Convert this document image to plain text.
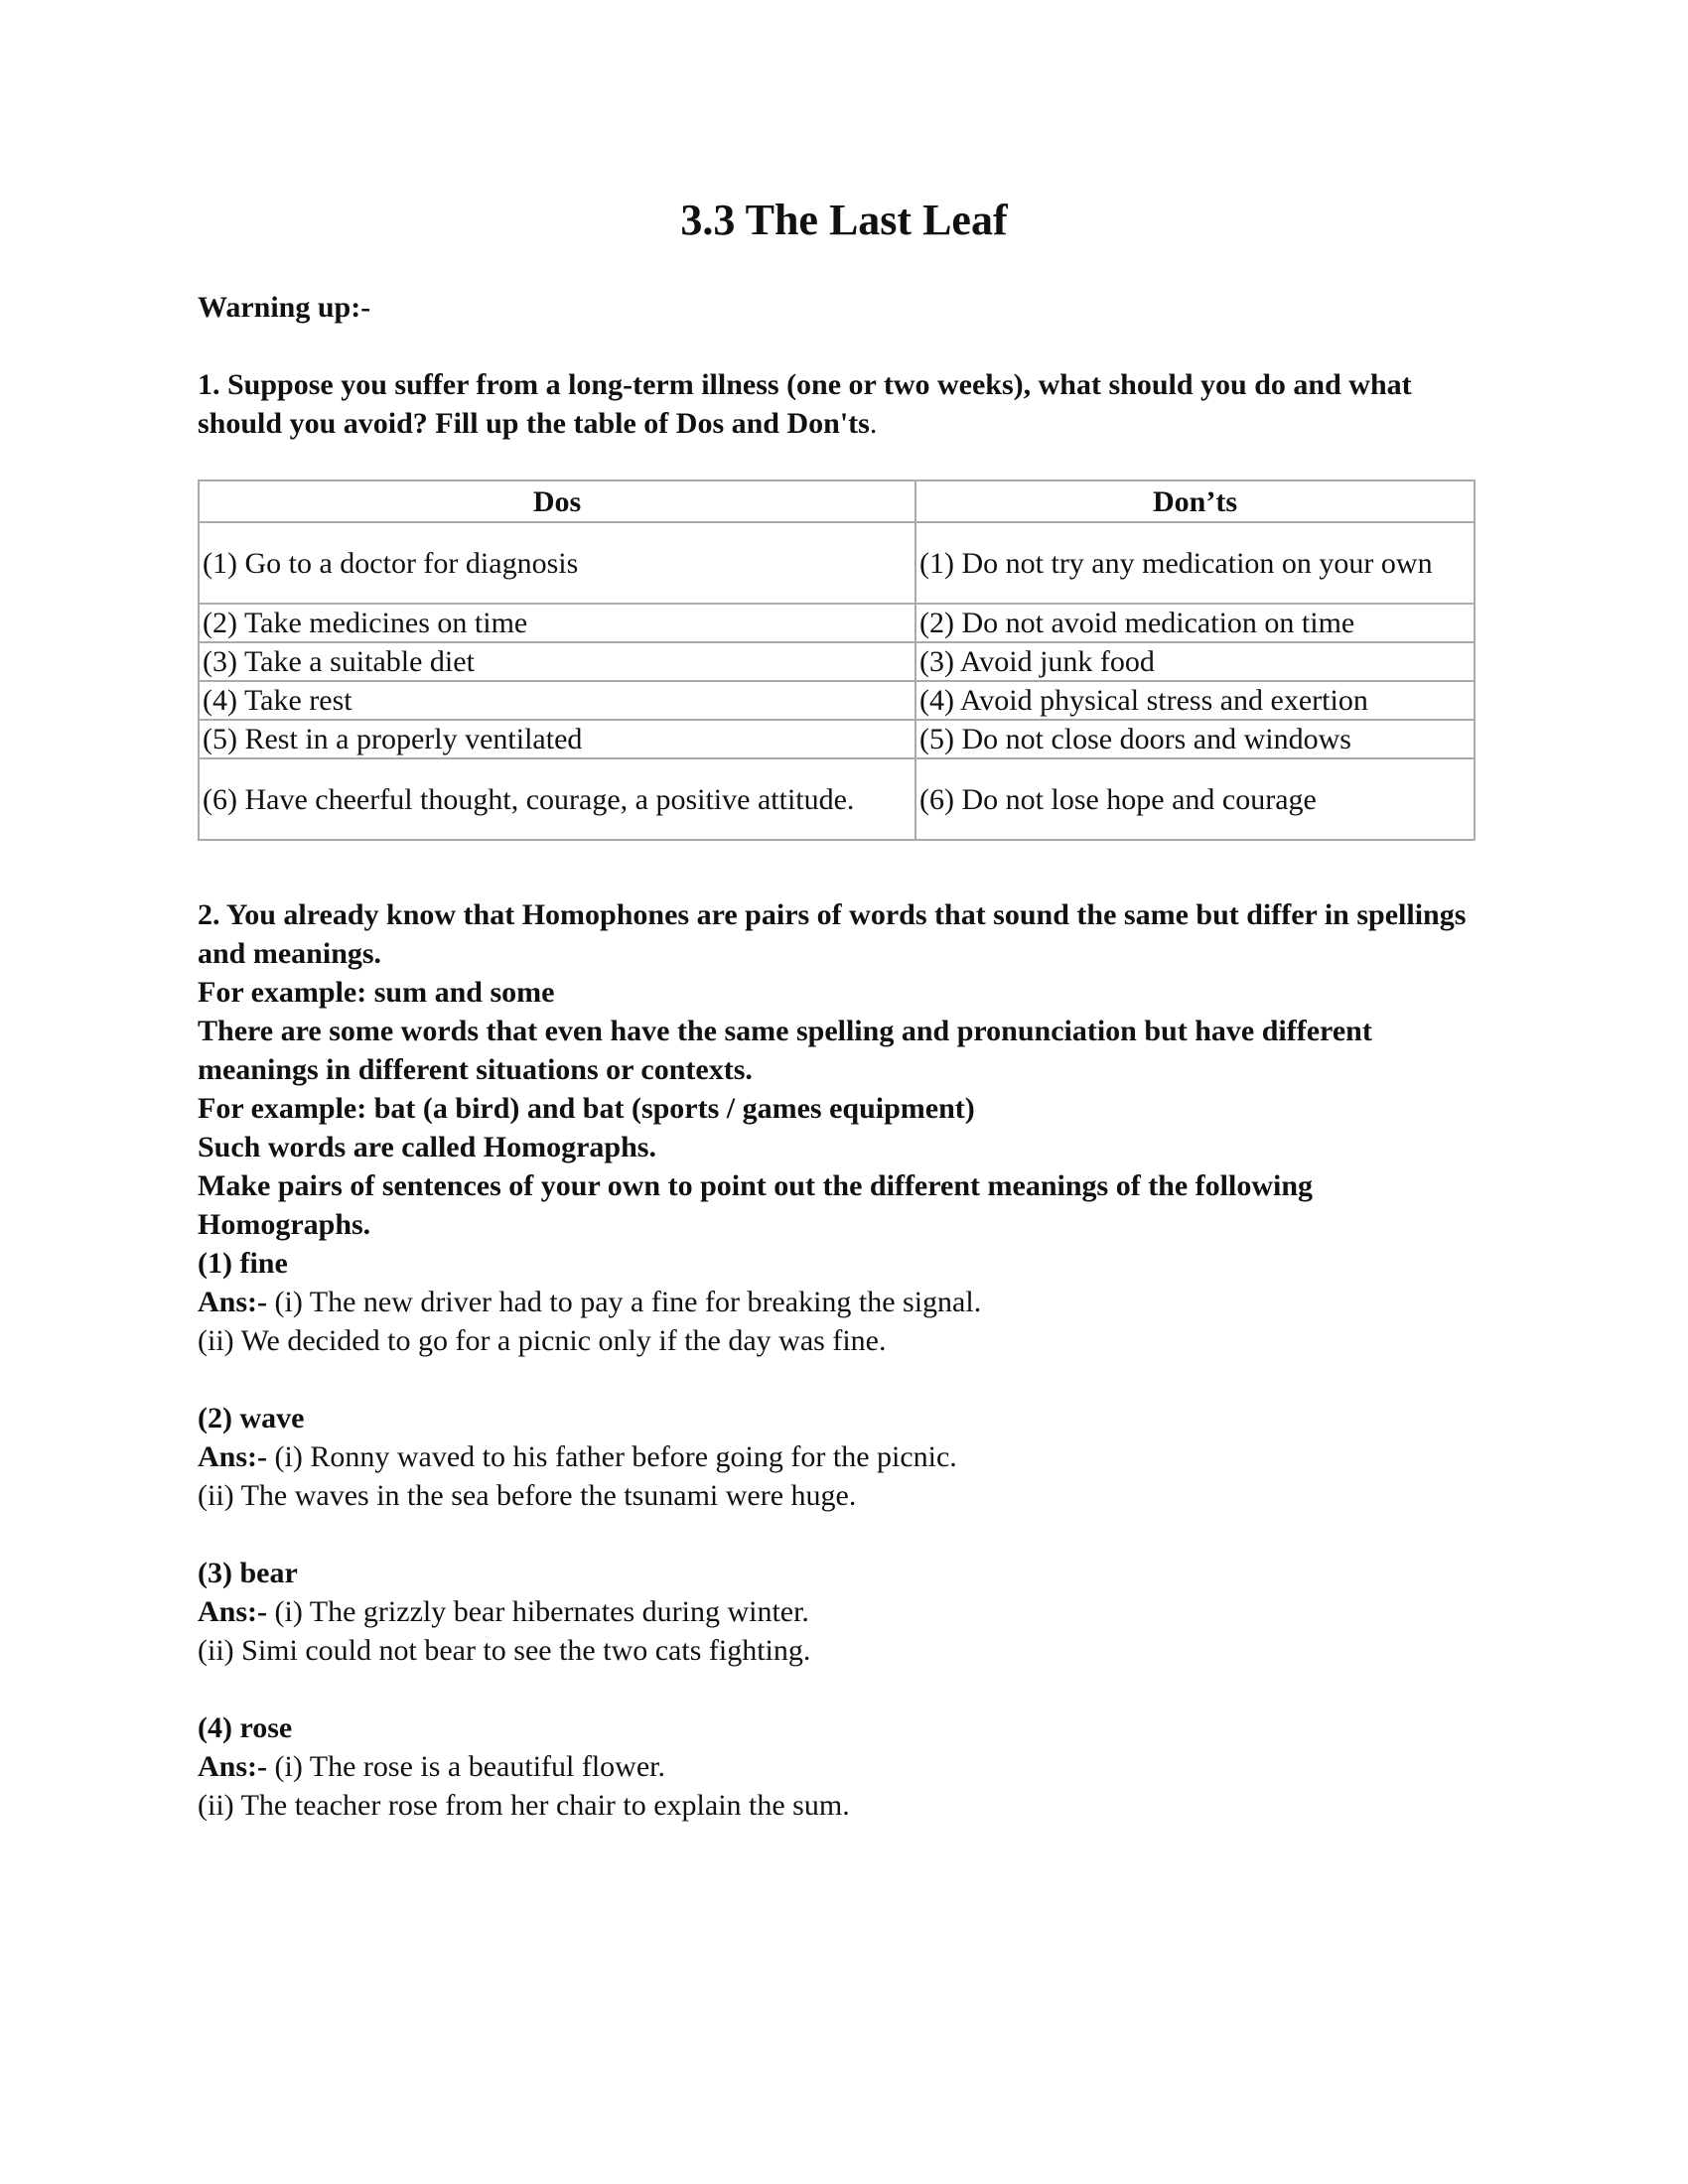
3.3 The Last Leaf
Warning up:-
1. Suppose you suffer from a long-term illness (one or two weeks), what should you do and what should you avoid? Fill up the table of Dos and Don'ts.
Dos	Don’ts
(1) Go to a doctor for diagnosis	(1) Do not try any medication on your own
(2) Take medicines on time	(2) Do not avoid medication on time
(3) Take a suitable diet	(3) Avoid junk food
(4) Take rest	(4) Avoid physical stress and exertion
(5) Rest in a properly ventilated	(5) Do not close doors and windows
(6) Have cheerful thought, courage, a positive attitude.	(6) Do not lose hope and courage
2. You already know that Homophones are pairs of words that sound the same but differ in spellings and meanings.
For example: sum and some
There are some words that even have the same spelling and pronunciation but have different meanings in different situations or contexts.
For example: bat (a bird) and bat (sports / games equipment)
Such words are called Homographs.
Make pairs of sentences of your own to point out the different meanings of the following Homographs.
(1) fine
Ans:- (i) The new driver had to pay a fine for breaking the signal.
(ii) We decided to go for a picnic only if the day was fine.
(2) wave
Ans:- (i) Ronny waved to his father before going for the picnic.
(ii) The waves in the sea before the tsunami were huge.
(3) bear
Ans:- (i) The grizzly bear hibernates during winter.
(ii) Simi could not bear to see the two cats fighting.
(4) rose
Ans:- (i) The rose is a beautiful flower.
(ii) The teacher rose from her chair to explain the sum.
